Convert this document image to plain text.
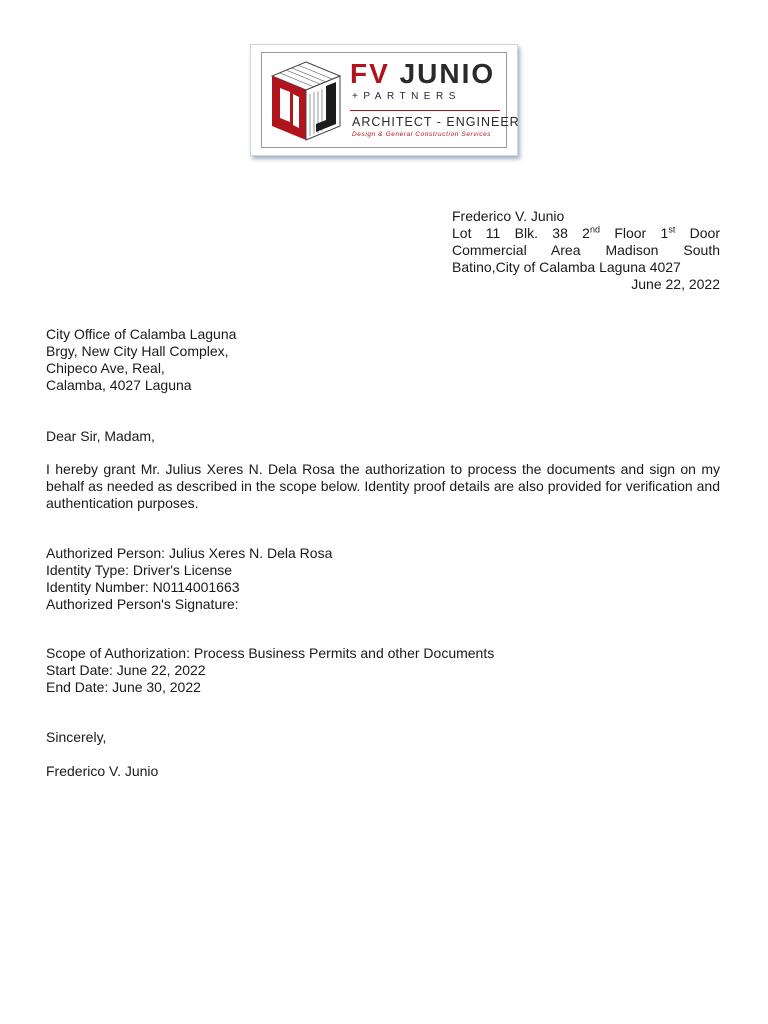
FV JUNIO
+PARTNERS
ARCHITECT - ENGINEER
Design & General Construction Services
Frederico V. Junio
Lot 11 Blk. 38 2nd Floor 1st Door Commercial Area Madison South Batino,City of Calamba Laguna 4027
June 22, 2022
City Office of Calamba Laguna
Brgy, New City Hall Complex,
Chipeco Ave, Real,
Calamba, 4027 Laguna
Dear Sir, Madam,
I hereby grant Mr. Julius Xeres N. Dela Rosa the authorization to process the documents and sign on my behalf as needed as described in the scope below. Identity proof details are also provided for verification and authentication purposes.
Authorized Person: Julius Xeres N. Dela Rosa
Identity Type: Driver's License
Identity Number: N0114001663
Authorized Person's Signature:
Scope of Authorization: Process Business Permits and other Documents
Start Date: June 22, 2022
End Date: June 30, 2022
Sincerely,
Frederico V. Junio
